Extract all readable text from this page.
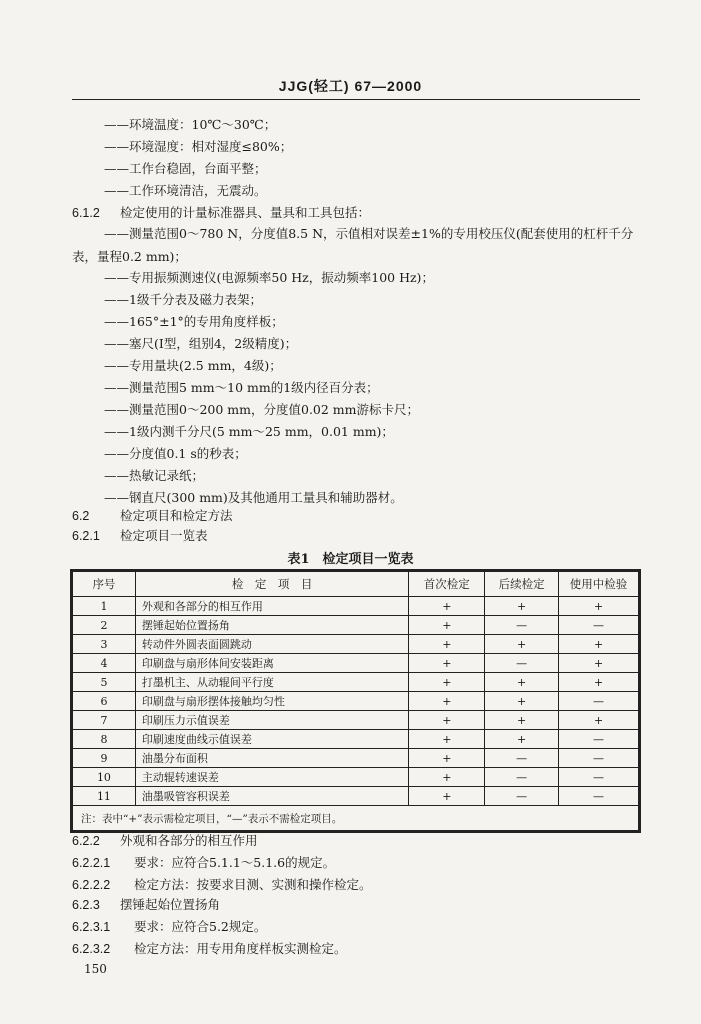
JJG(轻工) 67—2000
——环境温度：10℃～30℃；
——环境湿度：相对湿度≤80%；
——工作台稳固，台面平整；
——工作环境清洁，无震动。
6.1.2 检定使用的计量标准器具、量具和工具包括：
——测量范围0～780 N，分度值8.5 N，示值相对误差±1%的专用校压仪(配套使用的杠杆千分表，量程0.2 mm)；
——专用振频测速仪(电源频率50 Hz，振动频率100 Hz)；
——1级千分表及磁力表架；
——165°±1°的专用角度样板；
——塞尺(I型，组别4，2级精度)；
——专用量块(2.5 mm，4级)；
——测量范围5 mm～10 mm的1级内径百分表；
——测量范围0～200 mm，分度值0.02 mm游标卡尺；
——1级内测千分尺(5 mm～25 mm，0.01 mm)；
——分度值0.1 s的秒表；
——热敏记录纸；
——钢直尺(300 mm)及其他通用工量具和辅助器材。
6.2 检定项目和检定方法
6.2.1 检定项目一览表
表1　检定项目一览表
序号	检　定　项　目	首次检定	后续检定	使用中检验
1	外观和各部分的相互作用	+	+	+
2	摆锤起始位置扬角	+	—	—
3	转动件外圆表面圆跳动	+	+	+
4	印刷盘与扇形体间安装距离	+	—	+
5	打墨机主、从动辊间平行度	+	+	+
6	印刷盘与扇形摆体接触均匀性	+	+	—
7	印刷压力示值误差	+	+	+
8	印刷速度曲线示值误差	+	+	—
9	油墨分布面积	+	—	—
10	主动辊转速误差	+	—	—
11	油墨吸管容积误差	+	—	—
注：表中“+”表示需检定项目，“—”表示不需检定项目。				
6.2.2 外观和各部分的相互作用
6.2.2.1 要求：应符合5.1.1～5.1.6的规定。
6.2.2.2 检定方法：按要求目测、实测和操作检定。
6.2.3 摆锤起始位置扬角
6.2.3.1 要求：应符合5.2规定。
6.2.3.2 检定方法：用专用角度样板实测检定。
150
